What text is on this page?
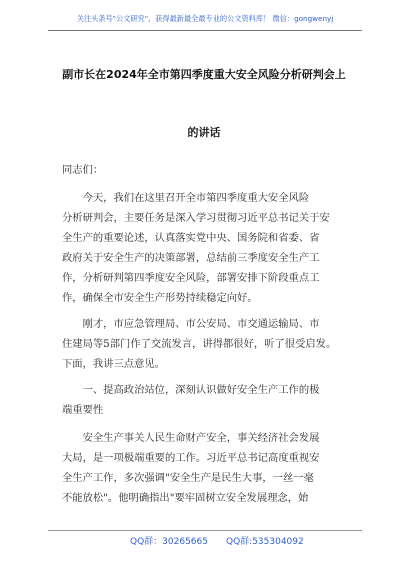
关注头条号"公文研究"，获得最新最全最专业的公文资料库！ 微信：gongwenyj
副市长在2024年全市第四季度重大安全风险分析研判会上
的讲话
同志们：
　　今天，我们在这里召开全市第四季度重大安全风险
分析研判会，主要任务是深入学习贯彻习近平总书记关于安
全生产的重要论述，认真落实党中央、国务院和省委、省
政府关于安全生产的决策部署，总结前三季度安全生产工
作，分析研判第四季度安全风险，部署安排下阶段重点工
作，确保全市安全生产形势持续稳定向好。
　　刚才，市应急管理局、市公安局、市交通运输局、市
住建局等5部门作了交流发言，讲得都很好，听了很受启发。
下面，我讲三点意见。
　　一、提高政治站位，深刻认识做好安全生产工作的极
端重要性
　　安全生产事关人民生命财产安全，事关经济社会发展
大局，是一项极端重要的工作。习近平总书记高度重视安
全生产工作，多次强调"安全生产是民生大事，一丝一毫
不能放松"。他明确指出"要牢固树立安全发展理念，始
QQ群：30265665 QQ群:535304092
